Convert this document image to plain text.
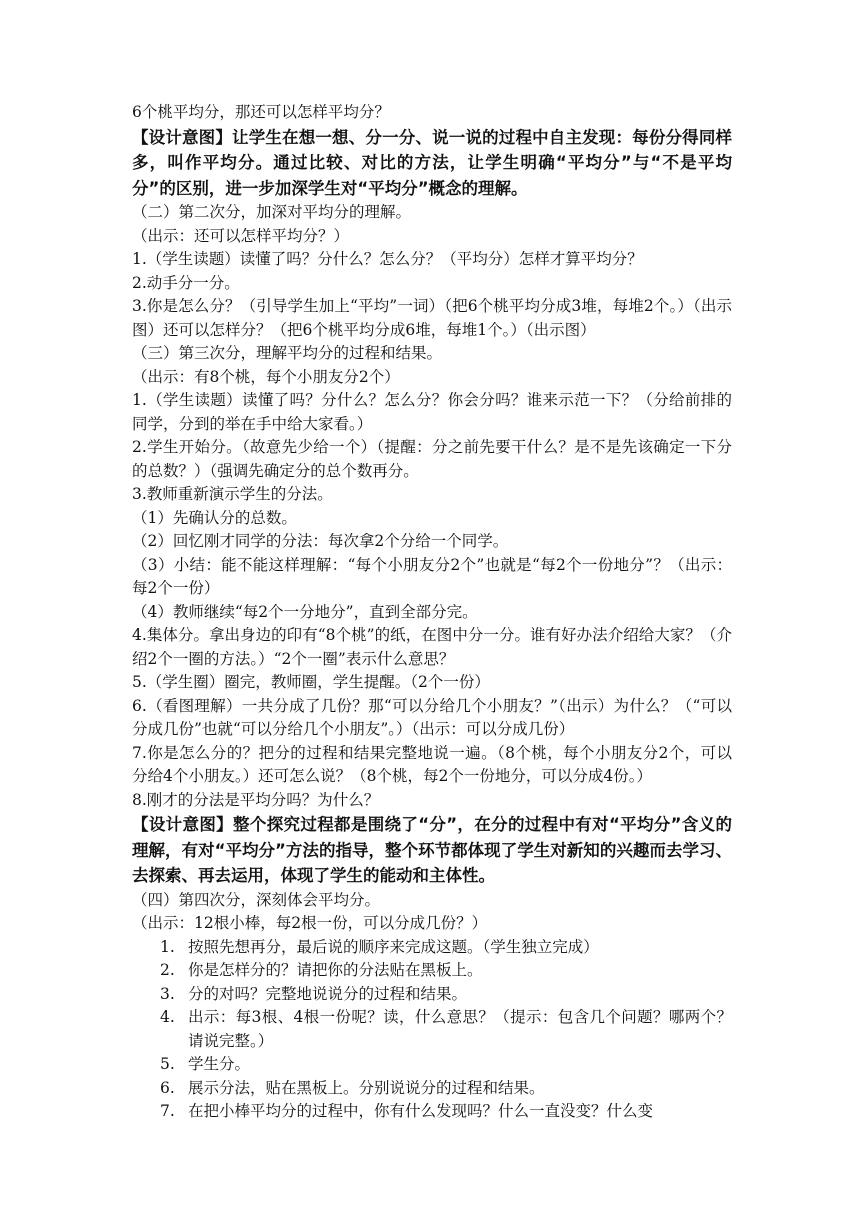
6个桃平均分，那还可以怎样平均分？

【设计意图】让学生在想一想、分一分、说一说的过程中自主发现：每份分得同样多，叫作平均分。通过比较、对比的方法，让学生明确“平均分”与“不是平均分”的区别，进一步加深学生对“平均分”概念的理解。

（二）第二次分，加深对平均分的理解。

（出示：还可以怎样平均分？）

1.（学生读题）读懂了吗？分什么？怎么分？（平均分）怎样才算平均分？

2.动手分一分。

3.你是怎么分？（引导学生加上“平均”一词）（把6个桃平均分成3堆，每堆2个。）（出示图）还可以怎样分？（把6个桃平均分成6堆，每堆1个。）（出示图）

（三）第三次分，理解平均分的过程和结果。

（出示：有8个桃，每个小朋友分2个）

1.（学生读题）读懂了吗？分什么？怎么分？你会分吗？谁来示范一下？（分给前排的同学，分到的举在手中给大家看。）

2.学生开始分。（故意先少给一个）（提醒：分之前先要干什么？是不是先该确定一下分的总数？）（强调先确定分的总个数再分。

3.教师重新演示学生的分法。

（1）先确认分的总数。

（2）回忆刚才同学的分法：每次拿2个分给一个同学。

（3）小结：能不能这样理解：“每个小朋友分2个”也就是“每2个一份地分”？（出示：每2个一份）

（4）教师继续“每2个一分地分”，直到全部分完。

4.集体分。拿出身边的印有“8个桃”的纸，在图中分一分。谁有好办法介绍给大家？（介绍2个一圈的方法。）“2个一圈”表示什么意思？

5.（学生圈）圈完，教师圈，学生提醒。（2个一份）

6.（看图理解）一共分成了几份？那“可以分给几个小朋友？”（出示）为什么？（“可以分成几份”也就“可以分给几个小朋友”。）（出示：可以分成几份）

7.你是怎么分的？把分的过程和结果完整地说一遍。（8个桃，每个小朋友分2个，可以分给4个小朋友。）还可怎么说？（8个桃，每2个一份地分，可以分成4份。）

8.刚才的分法是平均分吗？为什么？

【设计意图】整个探究过程都是围绕了“分”，在分的过程中有对“平均分”含义的理解，有对“平均分”方法的指导，整个环节都体现了学生对新知的兴趣而去学习、去探索、再去运用，体现了学生的能动和主体性。

（四）第四次分，深刻体会平均分。

（出示：12根小棒，每2根一份，可以分成几份？）

1. 按照先想再分，最后说的顺序来完成这题。（学生独立完成）
2. 你是怎样分的？请把你的分法贴在黑板上。
3. 分的对吗？完整地说说分的过程和结果。
4. 出示：每3根、4根一份呢？读，什么意思？（提示：包含几个问题？哪两个？请说完整。）
5. 学生分。
6. 展示分法，贴在黑板上。分别说说分的过程和结果。
7. 在把小棒平均分的过程中，你有什么发现吗？什么一直没变？什么变
